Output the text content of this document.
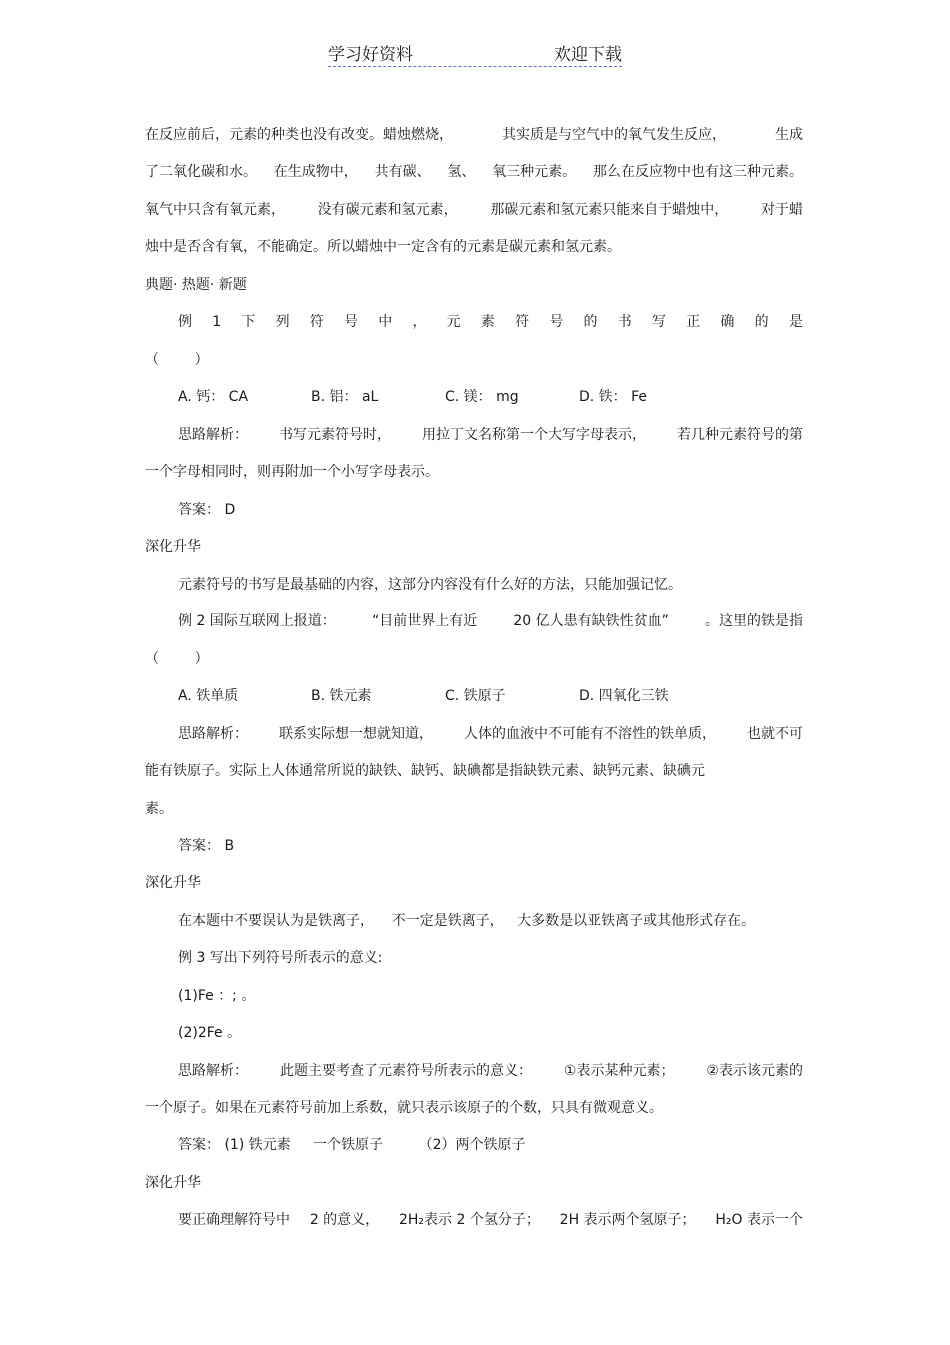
学习好资料	欢迎下载
在反应前后，元素的种类也没有改变。蜡烛燃烧，	其实质是与空气中的氧气发生反应，	生成
了二氧化碳和水。 在生成物中， 共有碳、 氢、 氧三种元素。 那么在反应物中也有这三种元素。
氧气中只含有氧元素， 没有碳元素和氢元素， 那碳元素和氢元素只能来自于蜡烛中， 对于蜡
烛中是否含有氧，不能确定。所以蜡烛中一定含有的元素是碳元素和氢元素。
典题· 热题· 新题
例 1 下 列 符 号 中 ， 元 素 符 号 的 书 写 正 确 的 是
（        ）

A. 钙： CA

	B. 铝： aL

	C. 镁： mg

	D. 铁： Fe

思路解析： 书写元素符号时， 用拉丁文名称第一个大写字母表示， 若几种元素符号的第
一个字母相同时，则再附加一个小写字母表示。
答案： D
深化升华
元素符号的书写是最基础的内容，这部分内容没有什么好的方法，只能加强记忆。
例 2 国际互联网上报道：	“目前世界上有近	20 亿人患有缺铁性贫血”	。这里的铁是指
（        ）

A. 铁单质

	B. 铁元素

	C. 铁原子

	D. 四氧化三铁

思路解析： 联系实际想一想就知道， 人体的血液中不可能有不溶性的铁单质， 也就不可
能有铁原子。实际上人体通常所说的缺铁、缺钙、缺碘都是指缺铁元素、缺钙元素、缺碘元
素。
答案： B
深化升华
在本题中不要误认为是铁离子，    不一定是铁离子，   大多数是以亚铁离子或其他形式存在。
例 3 写出下列符号所表示的意义:
(1)Fe ：; 。
(2)2Fe 。
思路解析： 此题主要考查了元素符号所表示的意义： ①表示某种元素； ②表示该元素的
一个原子。如果在元素符号前加上系数，就只表示该原子的个数，只具有微观意义。
答案： (1) 铁元素     一个铁原子        （2）两个铁原子
深化升华
要正确理解符号中 2 的意义， 2H₂表示 2 个氢分子； 2H 表示两个氢原子； H₂O 表示一个
